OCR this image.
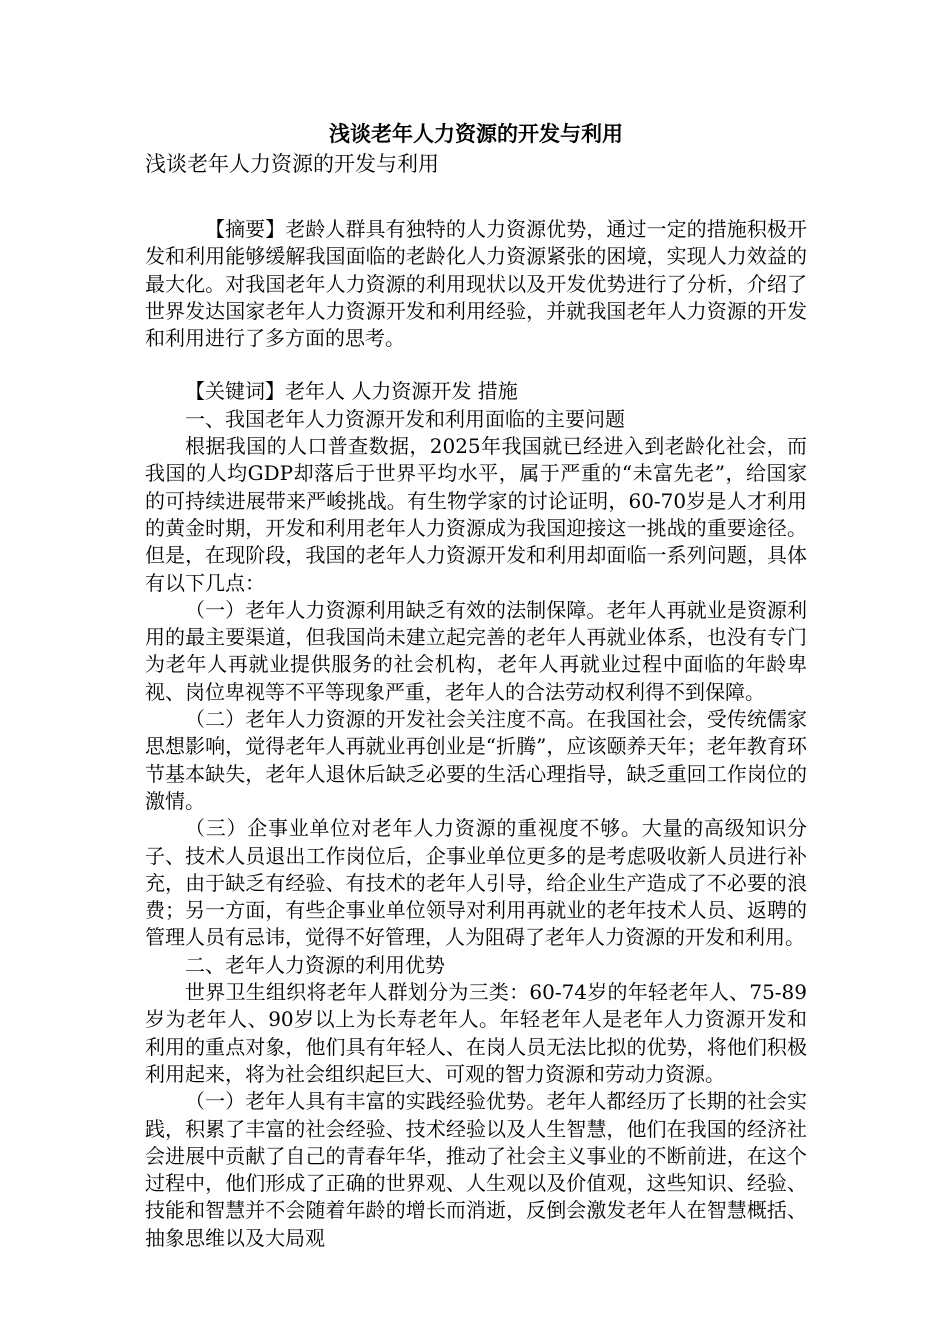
浅谈老年人力资源的开发与利用

浅谈老年人力资源的开发与利用

【摘要】老龄人群具有独特的人力资源优势，通过一定的措施积极开发和利用能够缓解我国面临的老龄化人力资源紧张的困境，实现人力效益的最大化。对我国老年人力资源的利用现状以及开发优势进行了分析，介绍了世界发达国家老年人力资源开发和利用经验，并就我国老年人力资源的开发和利用进行了多方面的思考。

【关键词】老年人 人力资源开发 措施

一、我国老年人力资源开发和利用面临的主要问题

根据我国的人口普查数据，2025年我国就已经进入到老龄化社会，而我国的人均GDP却落后于世界平均水平，属于严重的“未富先老”，给国家的可持续进展带来严峻挑战。有生物学家的讨论证明，60-70岁是人才利用的黄金时期，开发和利用老年人力资源成为我国迎接这一挑战的重要途径。但是，在现阶段，我国的老年人力资源开发和利用却面临一系列问题，具体有以下几点：

（一）老年人力资源利用缺乏有效的法制保障。老年人再就业是资源利用的最主要渠道，但我国尚未建立起完善的老年人再就业体系，也没有专门为老年人再就业提供服务的社会机构，老年人再就业过程中面临的年龄卑视、岗位卑视等不平等现象严重，老年人的合法劳动权利得不到保障。

（二）老年人力资源的开发社会关注度不高。在我国社会，受传统儒家思想影响，觉得老年人再就业再创业是“折腾”，应该颐养天年；老年教育环节基本缺失，老年人退休后缺乏必要的生活心理指导，缺乏重回工作岗位的激情。

（三）企事业单位对老年人力资源的重视度不够。大量的高级知识分子、技术人员退出工作岗位后，企事业单位更多的是考虑吸收新人员进行补充，由于缺乏有经验、有技术的老年人引导，给企业生产造成了不必要的浪费；另一方面，有些企事业单位领导对利用再就业的老年技术人员、返聘的管理人员有忌讳，觉得不好管理，人为阻碍了老年人力资源的开发和利用。

二、老年人力资源的利用优势

世界卫生组织将老年人群划分为三类：60-74岁的年轻老年人、75-89岁为老年人、90岁以上为长寿老年人。年轻老年人是老年人力资源开发和利用的重点对象，他们具有年轻人、在岗人员无法比拟的优势，将他们积极利用起来，将为社会组织起巨大、可观的智力资源和劳动力资源。

（一）老年人具有丰富的实践经验优势。老年人都经历了长期的社会实践，积累了丰富的社会经验、技术经验以及人生智慧，他们在我国的经济社会进展中贡献了自己的青春年华，推动了社会主义事业的不断前进，在这个过程中，他们形成了正确的世界观、人生观以及价值观，这些知识、经验、技能和智慧并不会随着年龄的增长而消逝，反倒会激发老年人在智慧概括、抽象思维以及大局观
